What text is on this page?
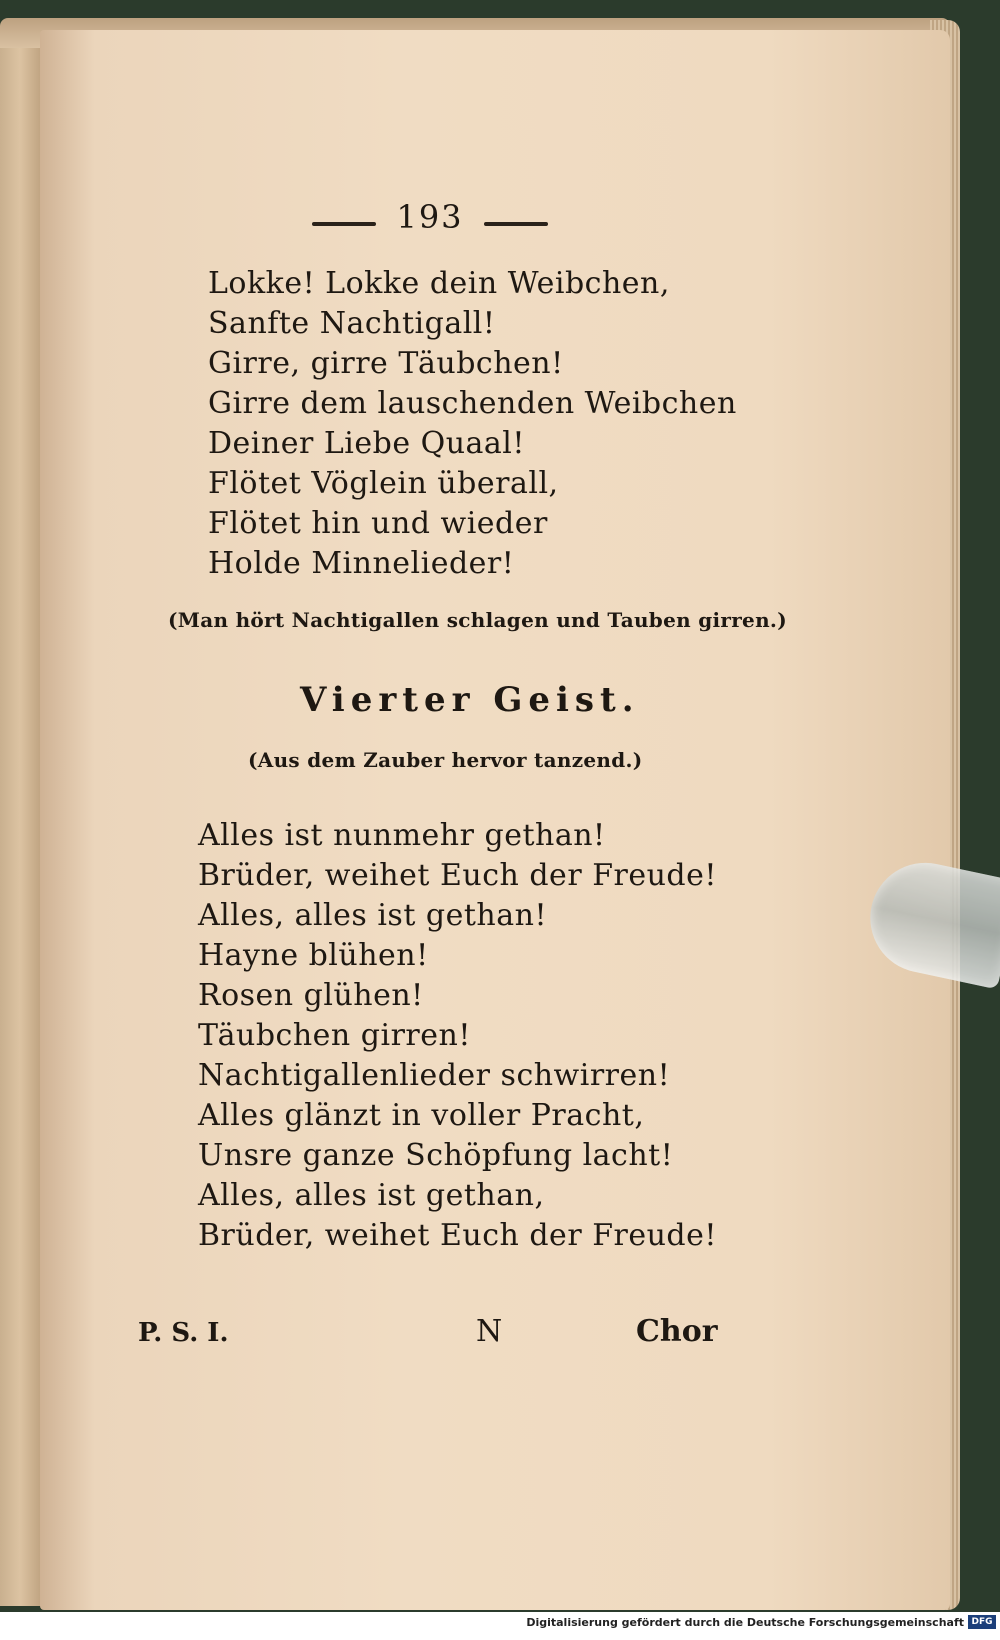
193
Lokke! Lokke dein Weibchen,
Sanfte Nachtigall!
Girre, girre Täubchen!
Girre dem lauschenden Weibchen
Deiner Liebe Quaal!
Flötet Vöglein überall,
Flötet hin und wieder
Holde Minnelieder!
(Man hört Nachtigallen schlagen und Tauben girren.)
Vierter Geist.
(Aus dem Zauber hervor tanzend.)
Alles ist nunmehr gethan!
Brüder, weihet Euch der Freude!
Alles, alles ist gethan!
Hayne blühen!
Rosen glühen!
Täubchen girren!
Nachtigallenlieder schwirren!
Alles glänzt in voller Pracht,
Unsre ganze Schöpfung lacht!
Alles, alles ist gethan,
Brüder, weihet Euch der Freude!
P. S. I.	N	Chor
Digitalisierung gefördert durch die Deutsche Forschungsgemeinschaft DFG
